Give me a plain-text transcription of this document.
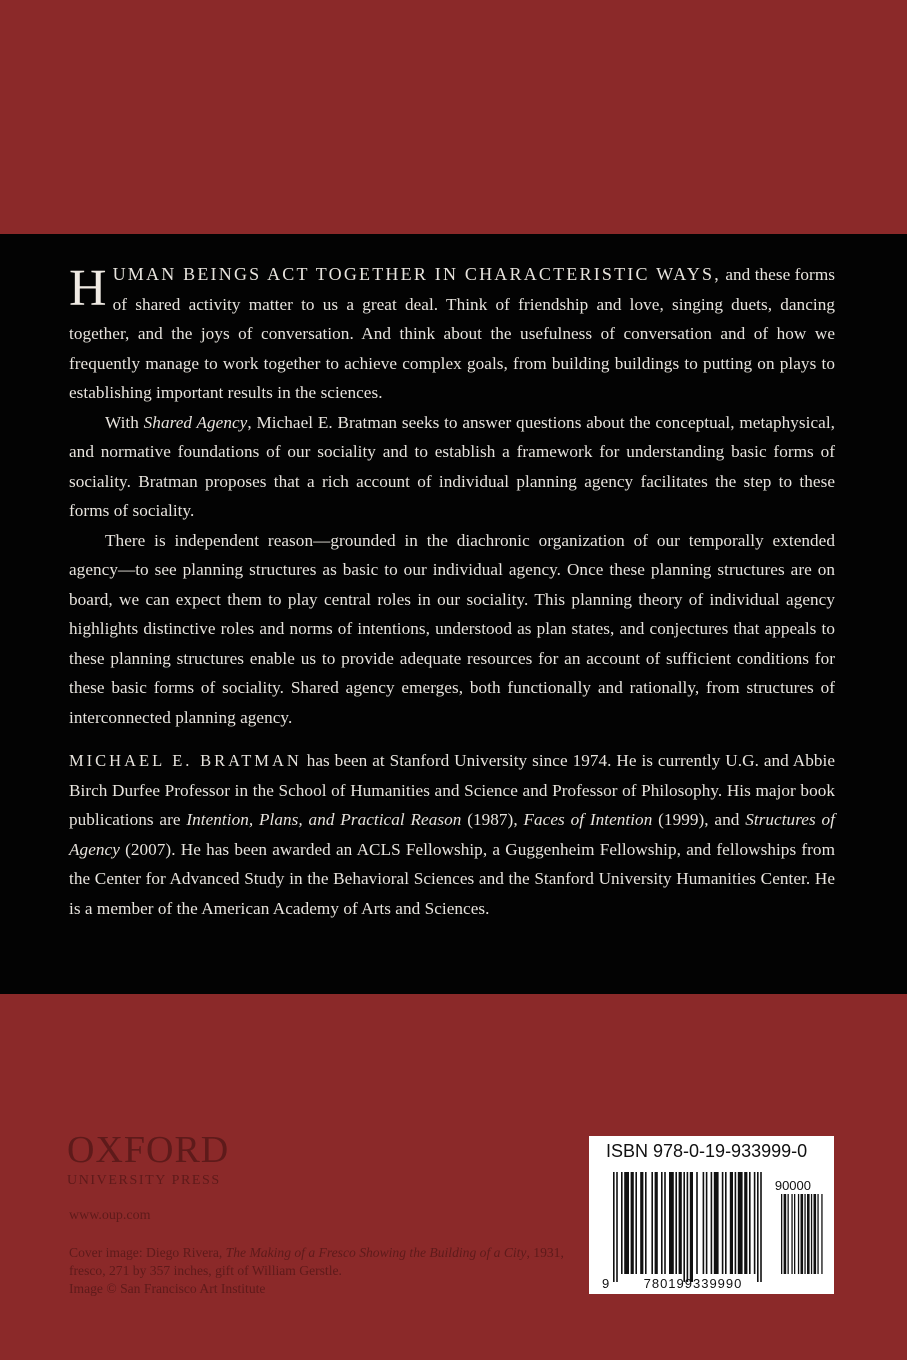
HUMAN BEINGS ACT TOGETHER IN CHARACTERISTIC WAYS, and these forms of shared activity matter to us a great deal. Think of friendship and love, singing duets, dancing together, and the joys of conversation. And think about the usefulness of conversation and of how we frequently manage to work together to achieve complex goals, from building buildings to putting on plays to establishing important results in the sciences.

With Shared Agency, Michael E. Bratman seeks to answer questions about the conceptual, metaphysical, and normative foundations of our sociality and to establish a framework for understanding basic forms of sociality. Bratman proposes that a rich account of individual planning agency facilitates the step to these forms of sociality.

There is independent reason—grounded in the diachronic organization of our temporally extended agency—to see planning structures as basic to our individual agency. Once these planning structures are on board, we can expect them to play central roles in our sociality. This planning theory of individual agency highlights distinctive roles and norms of intentions, understood as plan states, and conjectures that appeals to these planning structures enable us to provide adequate resources for an account of sufficient conditions for these basic forms of sociality. Shared agency emerges, both functionally and rationally, from structures of interconnected planning agency.

MICHAEL E. BRATMAN has been at Stanford University since 1974. He is currently U.G. and Abbie Birch Durfee Professor in the School of Humanities and Science and Professor of Philosophy. His major book publications are Intention, Plans, and Practical Reason (1987), Faces of Intention (1999), and Structures of Agency (2007). He has been awarded an ACLS Fellowship, a Guggenheim Fellowship, and fellowships from the Center for Advanced Study in the Behavioral Sciences and the Stanford University Humanities Center. He is a member of the American Academy of Arts and Sciences.

OXFORD
UNIVERSITY PRESS
www.oup.com
Cover image: Diego Rivera, The Making of a Fresco Showing the Building of a City, 1931, fresco, 271 by 357 inches, gift of William Gerstle.
Image © San Francisco Art Institute
ISBN 978-0-19-933999-0
90000
9	780199339990
